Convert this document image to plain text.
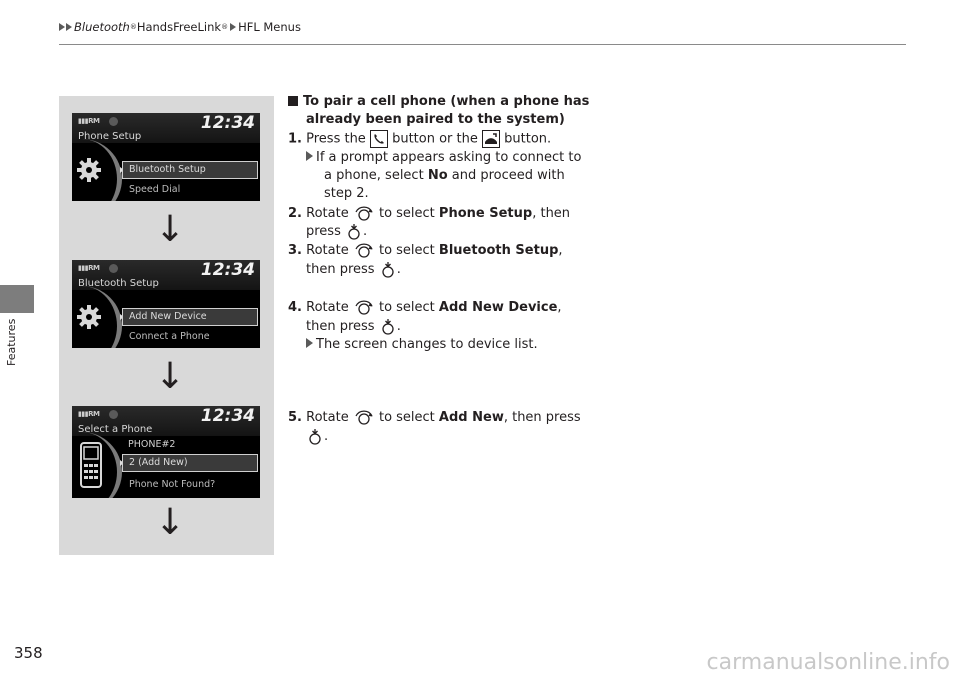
Bluetooth ® HandsFreeLink ® HFL Menus
Features
▮▮▮RM	12:34
Phone Setup
Bluetooth Setup
Speed Dial
↓
▮▮▮RM	12:34
Bluetooth Setup
Add New Device
Connect a Phone
↓
▮▮▮RM	12:34
Select a Phone
PHONE#2
2 (Add New)
Phone Not Found?
↓
To pair a cell phone (when a phone has
already been paired to the system)
1. Press the button or the button.
If a prompt appears asking to connect to
a phone, select No and proceed with
step 2.
2. Rotate to select Phone Setup, then
press .
3. Rotate to select Bluetooth Setup,
then press .
4. Rotate to select Add New Device,
then press .
The screen changes to device list.
5. Rotate to select Add New, then press
.
358	carmanualsonline.info
